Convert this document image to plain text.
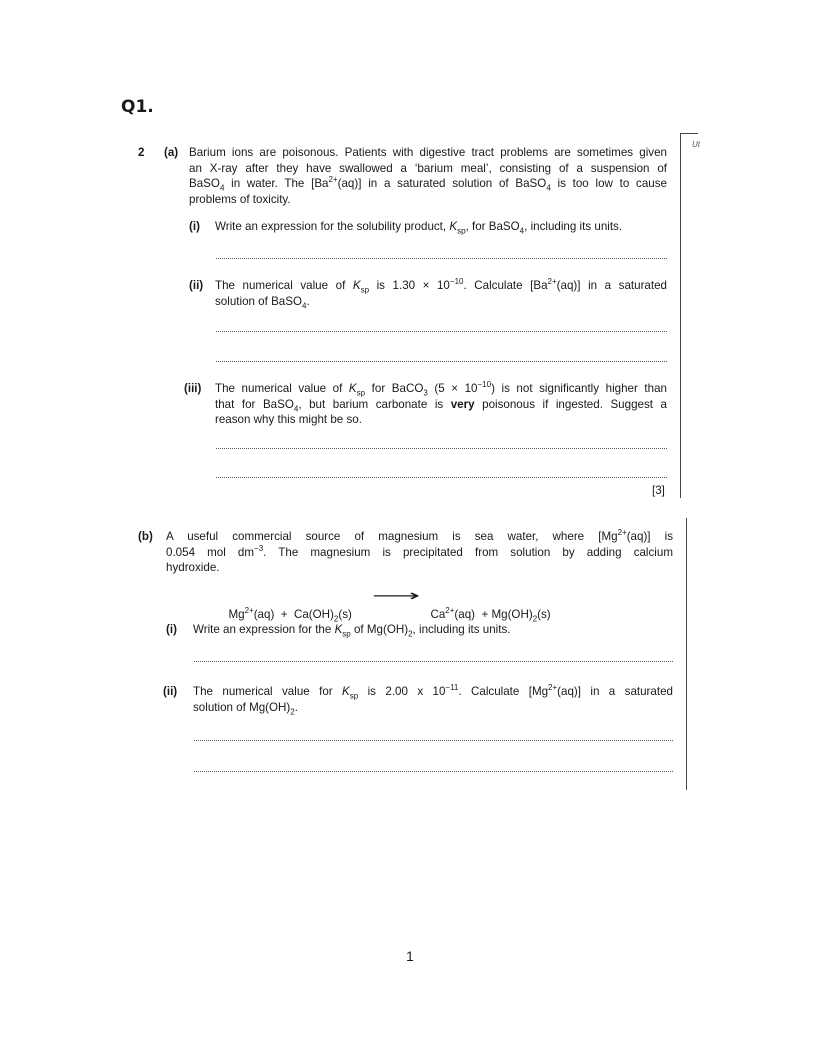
Q1.
Ut
2 (a) Barium ions are poisonous. Patients with digestive tract problems are sometimes given
an X-ray after they have swallowed a ‘barium meal’, consisting of a suspension of
BaSO$_4$ in water. The $[Ba^{2+}(aq)]$ in a saturated solution of BaSO$_4$ is too low to cause
problems of toxicity.
(i) Write an expression for the solubility product, $K_{sp}$, for BaSO$_4$, including its units.
(ii) The numerical value of $K_{sp}$ is $1.30 \times 10^{-10}$. Calculate $[Ba^{2+}(aq)]$ in a saturated
solution of BaSO$_4$.
(iii) The numerical value of $K_{sp}$ for BaCO$_3$ $(5 \times 10^{-10})$ is not significantly higher than
that for BaSO$_4$, but barium carbonate is very poisonous if ingested. Suggest a
reason why this might be so.
[3]
(b) A useful commercial source of magnesium is sea water, where $[Mg^{2+}(aq)]$ is
0.054 mol $dm^{-3}$. The magnesium is precipitated from solution by adding calcium
hydroxide.

$Mg^{2+}(aq) + Ca(OH)_2(s)$

⟶

$Ca^{2+}(aq) + Mg(OH)_2(s)$

(i) Write an expression for the $K_{sp}$ of $Mg(OH)_2$, including its units.
(ii) The numerical value for $K_{sp}$ is 2.00 x $10^{-11}$. Calculate $[Mg^{2+}(aq)]$ in a saturated
solution of $Mg(OH)_2$.
1
